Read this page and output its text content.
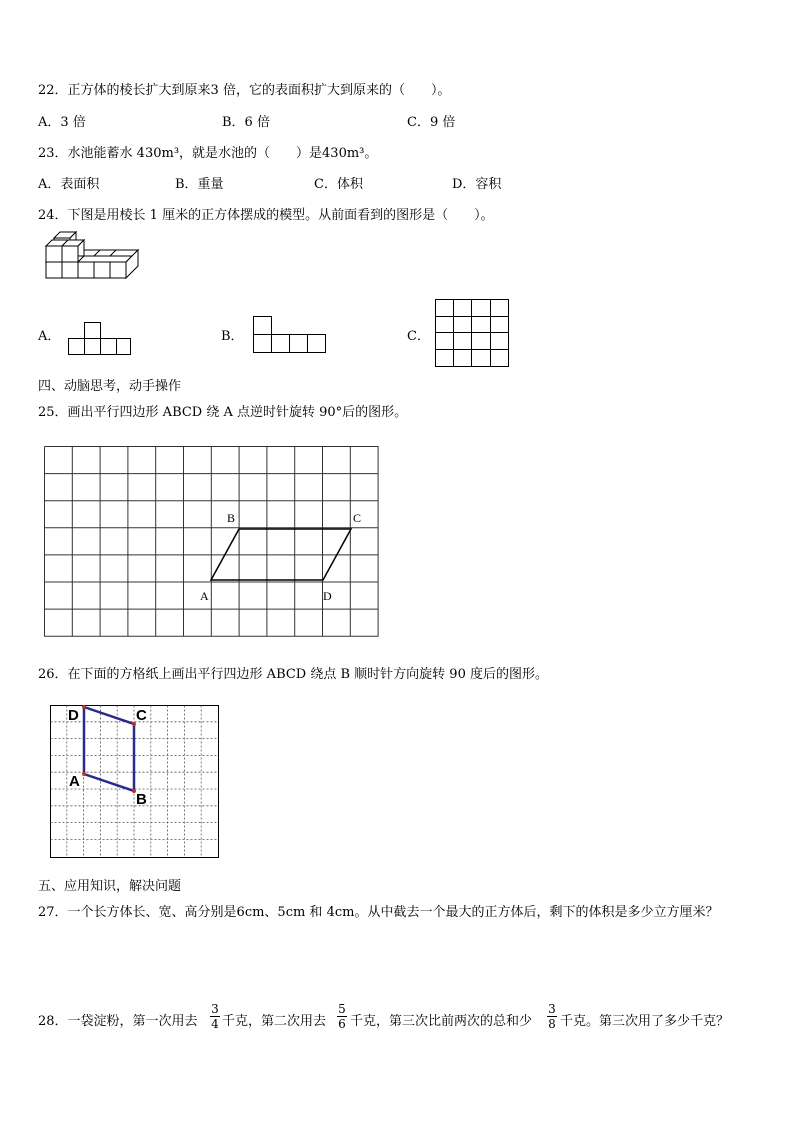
22．正方体的棱长扩大到原来3 倍，它的表面积扩大到原来的（　　）。
A．3 倍	B．6 倍	C．9 倍
23．水池能蓄水 430m³，就是水池的（　　）是430m³。
A．表面积	B．重量	C．体积	D．容积
24．下图是用棱长 1 厘米的正方体摆成的模型。从前面看到的图形是（　　）。
A．	B．	C．
四、动脑思考，动手操作
25．画出平行四边形 ABCD 绕 A 点逆时针旋转 90°后的图形。
B	C
A	D
26．在下面的方格纸上画出平行四边形 ABCD 绕点 B 顺时针方向旋转 90 度后的图形。
D	C
A
B
五、应用知识，解决问题
27．一个长方体长、宽、高分别是6cm、5cm 和 4cm。从中截去一个最大的正方体后，剩下的体积是多少立方厘米？
28．一袋淀粉，第一次用去
3
4 千克，第二次用去
5
6 千克，第三次比前两次的总和少
3
8 千克。第三次用了多少千克？
